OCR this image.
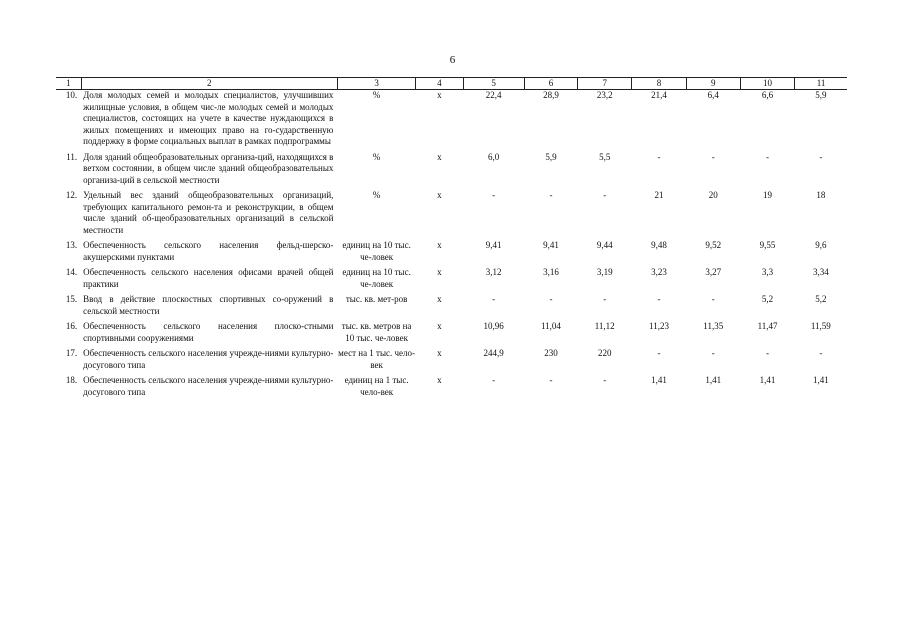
6
1	2	3	4	5	6	7	8	9	10	11
10.	Доля молодых семей и молодых специалистов, улучшивших жилищные условия, в общем чис-ле молодых семей и молодых специалистов, состоящих на учете в качестве нуждающихся в жилых помещениях и имеющих право на го-сударственную поддержку в форме социальных выплат в рамках подпрограммы	%	х	22,4	28,9	23,2	21,4	6,4	6,6	5,9
11.	Доля зданий общеобразовательных организа-ций, находящихся в ветхом состоянии, в общем числе зданий общеобразовательных организа-ций в сельской местности	%	х	6,0	5,9	5,5	-	-	-	-
12.	Удельный вес зданий общеобразовательных организаций, требующих капитального ремон-та и реконструкции, в общем числе зданий об-щеобразовательных организаций в сельской местности	%	х	-	-	-	21	20	19	18
13.	Обеспеченность сельского населения фельд-шерско-акушерскими пунктами	единиц на 10 тыс. че-ловек	х	9,41	9,41	9,44	9,48	9,52	9,55	9,6
14.	Обеспеченность сельского населения офисами врачей общей практики	единиц на 10 тыс. че-ловек	х	3,12	3,16	3,19	3,23	3,27	3,3	3,34
15.	Ввод в действие плоскостных спортивных со-оружений в сельской местности	тыс. кв. мет-ров	х	-	-	-	-	-	5,2	5,2
16.	Обеспеченность сельского населения плоско-стными спортивными сооружениями	тыс. кв. метров на 10 тыс. че-ловек	х	10,96	11,04	11,12	11,23	11,35	11,47	11,59
17.	Обеспеченность сельского населения учрежде-ниями культурно-досугового типа	мест на 1 тыс. чело-век	х	244,9	230	220	-	-	-	-
18.	Обеспеченность сельского населения учрежде-ниями культурно-досугового типа	единиц на 1 тыс. чело-век	х	-	-	-	1,41	1,41	1,41	1,41
